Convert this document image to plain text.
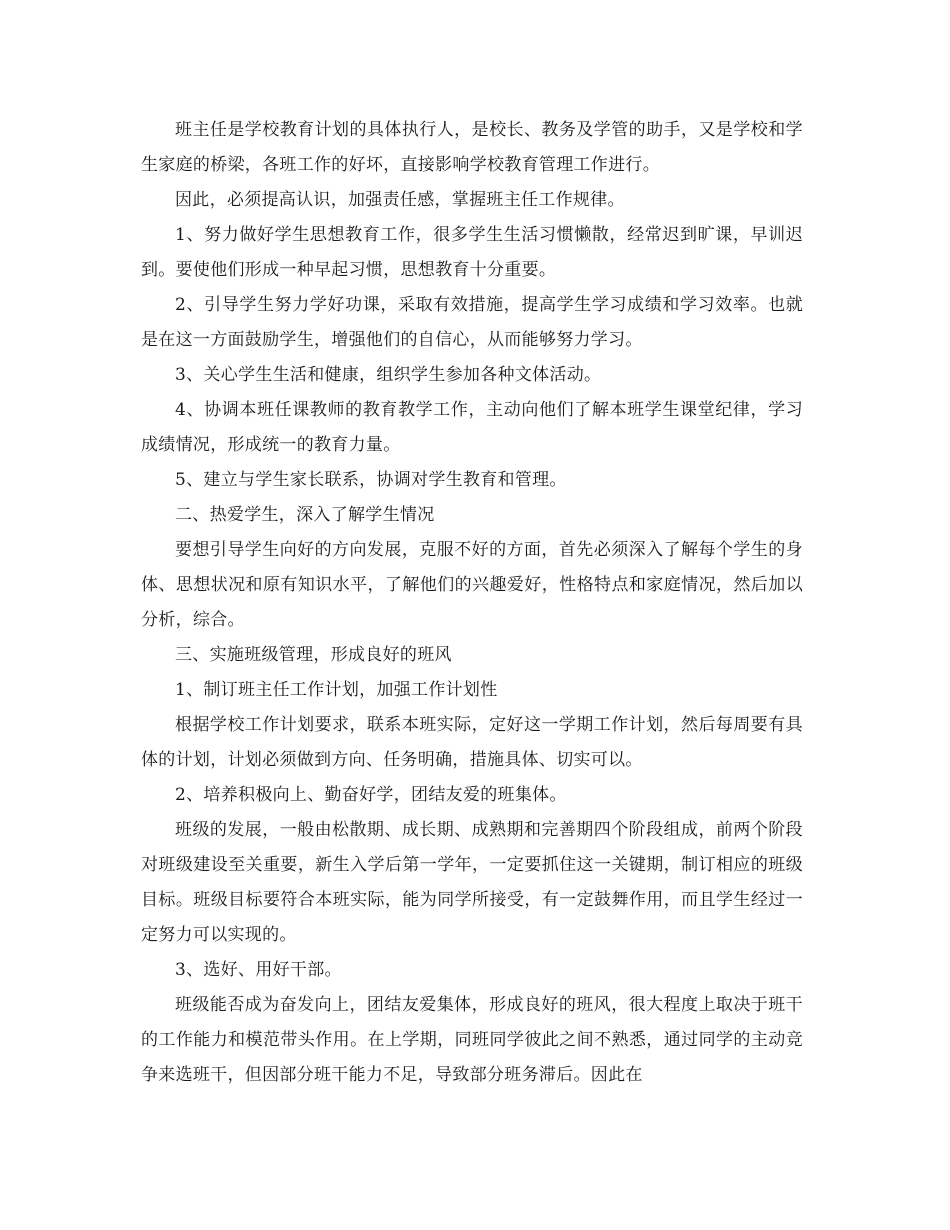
班主任是学校教育计划的具体执行人，是校长、教务及学管的助手，又是学校和学生家庭的桥梁，各班工作的好坏，直接影响学校教育管理工作进行。

因此，必须提高认识，加强责任感，掌握班主任工作规律。

1、努力做好学生思想教育工作，很多学生生活习惯懒散，经常迟到旷课，早训迟到。要使他们形成一种早起习惯，思想教育十分重要。

2、引导学生努力学好功课，采取有效措施，提高学生学习成绩和学习效率。也就是在这一方面鼓励学生，增强他们的自信心，从而能够努力学习。

3、关心学生生活和健康，组织学生参加各种文体活动。

4、协调本班任课教师的教育教学工作，主动向他们了解本班学生课堂纪律，学习成绩情况，形成统一的教育力量。

5、建立与学生家长联系，协调对学生教育和管理。

二、热爱学生，深入了解学生情况

要想引导学生向好的方向发展，克服不好的方面，首先必须深入了解每个学生的身体、思想状况和原有知识水平，了解他们的兴趣爱好，性格特点和家庭情况，然后加以分析，综合。

三、实施班级管理，形成良好的班风

1、制订班主任工作计划，加强工作计划性

根据学校工作计划要求，联系本班实际，定好这一学期工作计划，然后每周要有具体的计划，计划必须做到方向、任务明确，措施具体、切实可以。

2、培养积极向上、勤奋好学，团结友爱的班集体。

班级的发展，一般由松散期、成长期、成熟期和完善期四个阶段组成，前两个阶段对班级建设至关重要，新生入学后第一学年，一定要抓住这一关键期，制订相应的班级目标。班级目标要符合本班实际，能为同学所接受，有一定鼓舞作用，而且学生经过一定努力可以实现的。

3、选好、用好干部。

班级能否成为奋发向上，团结友爱集体，形成良好的班风，很大程度上取决于班干的工作能力和模范带头作用。在上学期，同班同学彼此之间不熟悉，通过同学的主动竞争来选班干，但因部分班干能力不足，导致部分班务滞后。因此在
